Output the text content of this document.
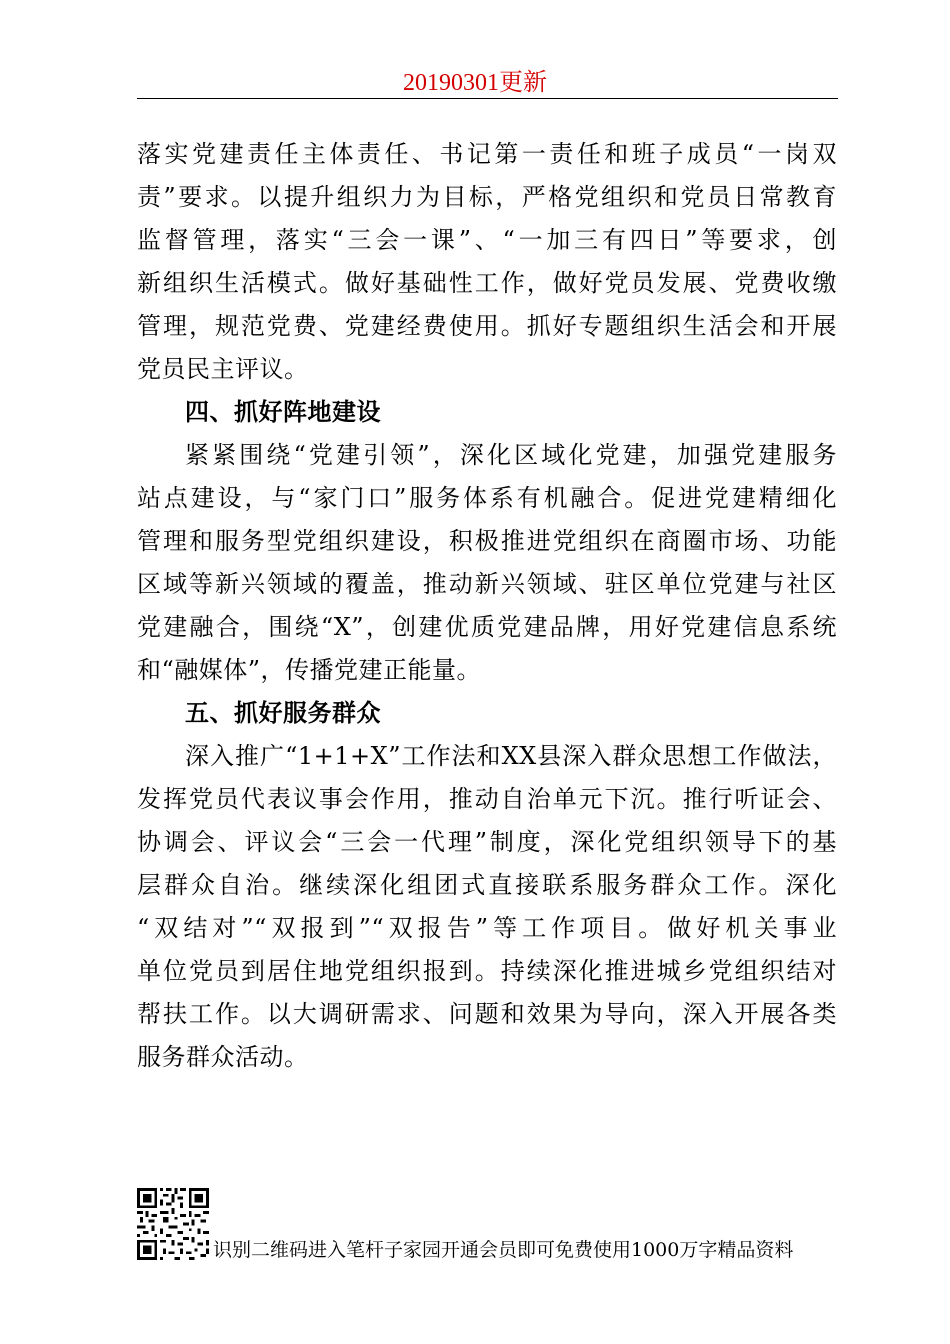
20190301更新
落实党建责任主体责任、书记第一责任和班子成员“一岗双
责”要求。以提升组织力为目标，严格党组织和党员日常教育
监督管理，落实“三会一课”、“一加三有四日”等要求，创
新组织生活模式。做好基础性工作，做好党员发展、党费收缴
管理，规范党费、党建经费使用。抓好专题组织生活会和开展
党员民主评议。
四、抓好阵地建设
紧紧围绕“党建引领”，深化区域化党建，加强党建服务
站点建设，与“家门口”服务体系有机融合。促进党建精细化
管理和服务型党组织建设，积极推进党组织在商圈市场、功能
区域等新兴领域的覆盖，推动新兴领域、驻区单位党建与社区
党建融合，围绕“X”，创建优质党建品牌，用好党建信息系统
和“融媒体”，传播党建正能量。
五、抓好服务群众
深入推广“1+1+X”工作法和XX县深入群众思想工作做法，
发挥党员代表议事会作用，推动自治单元下沉。推行听证会、
协调会、评议会“三会一代理”制度，深化党组织领导下的基
层群众自治。继续深化组团式直接联系服务群众工作。深化
“双结对”“双报到”“双报告”等工作项目。做好机关事业
单位党员到居住地党组织报到。持续深化推进城乡党组织结对
帮扶工作。以大调研需求、问题和效果为导向，深入开展各类
服务群众活动。
识别二维码进入笔杆子家园开通会员即可免费使用1000万字精品资料
